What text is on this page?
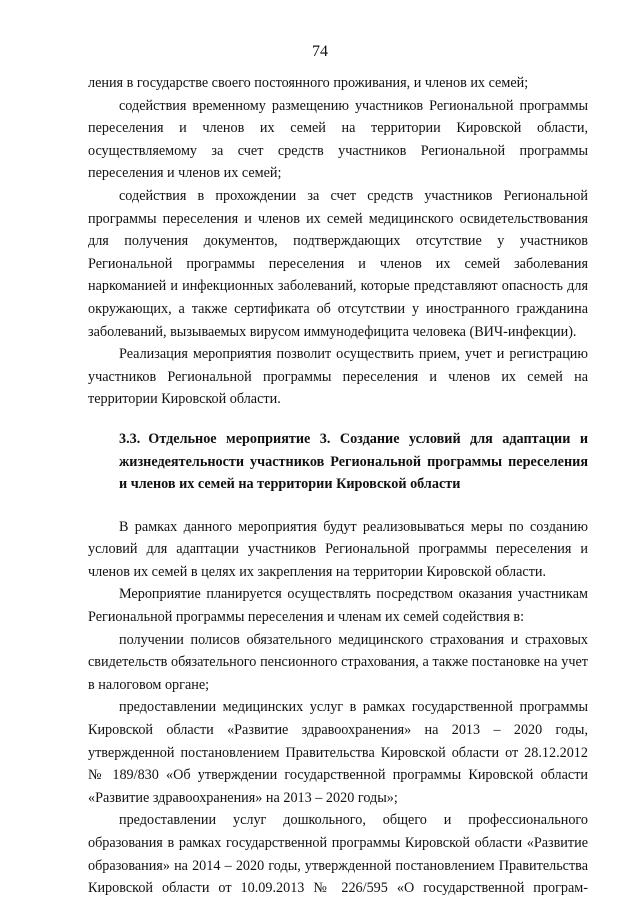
74

ления в государстве своего постоянного проживания, и членов их семей;

содействия временному размещению участников Региональной программы переселения и членов их семей на территории Кировской области, осуществляемому за счет средств участников Региональной программы переселения и членов их семей;

содействия в прохождении за счет средств участников Региональной программы переселения и членов их семей медицинского освидетельствования для получения документов, подтверждающих отсутствие у участников Региональной программы переселения и членов их семей заболевания наркоманией и инфекционных заболеваний, которые представляют опасность для окружающих, а также сертификата об отсутствии у иностранного гражданина заболеваний, вызываемых вирусом иммунодефицита человека (ВИЧ-инфекции).

Реализация мероприятия позволит осуществить прием, учет и регистрацию участников Региональной программы переселения и членов их семей на территории Кировской области.

3.3. Отдельное мероприятие 3. Создание условий для адаптации и жизнедеятельности участников Региональной программы переселения и членов их семей на территории Кировской области

В рамках данного мероприятия будут реализовываться меры по созданию условий для адаптации участников Региональной программы переселения и членов их семей в целях их закрепления на территории Кировской области.

Мероприятие планируется осуществлять посредством оказания участникам Региональной программы переселения и членам их семей содействия в:

получении полисов обязательного медицинского страхования и страховых свидетельств обязательного пенсионного страхования, а также постановке на учет в налоговом органе;

предоставлении медицинских услуг в рамках государственной программы Кировской области «Развитие здравоохранения» на 2013 – 2020 годы, утвержденной постановлением Правительства Кировской области от 28.12.2012 № 189/830 «Об утверждении государственной программы Кировской области «Развитие здравоохранения» на 2013 – 2020 годы»;

предоставлении услуг дошкольного, общего и профессионального образования в рамках государственной программы Кировской области «Развитие образования» на 2014 – 2020 годы, утвержденной постановлением Правительства Кировской области от 10.09.2013 № 226/595 «О государственной програм-
